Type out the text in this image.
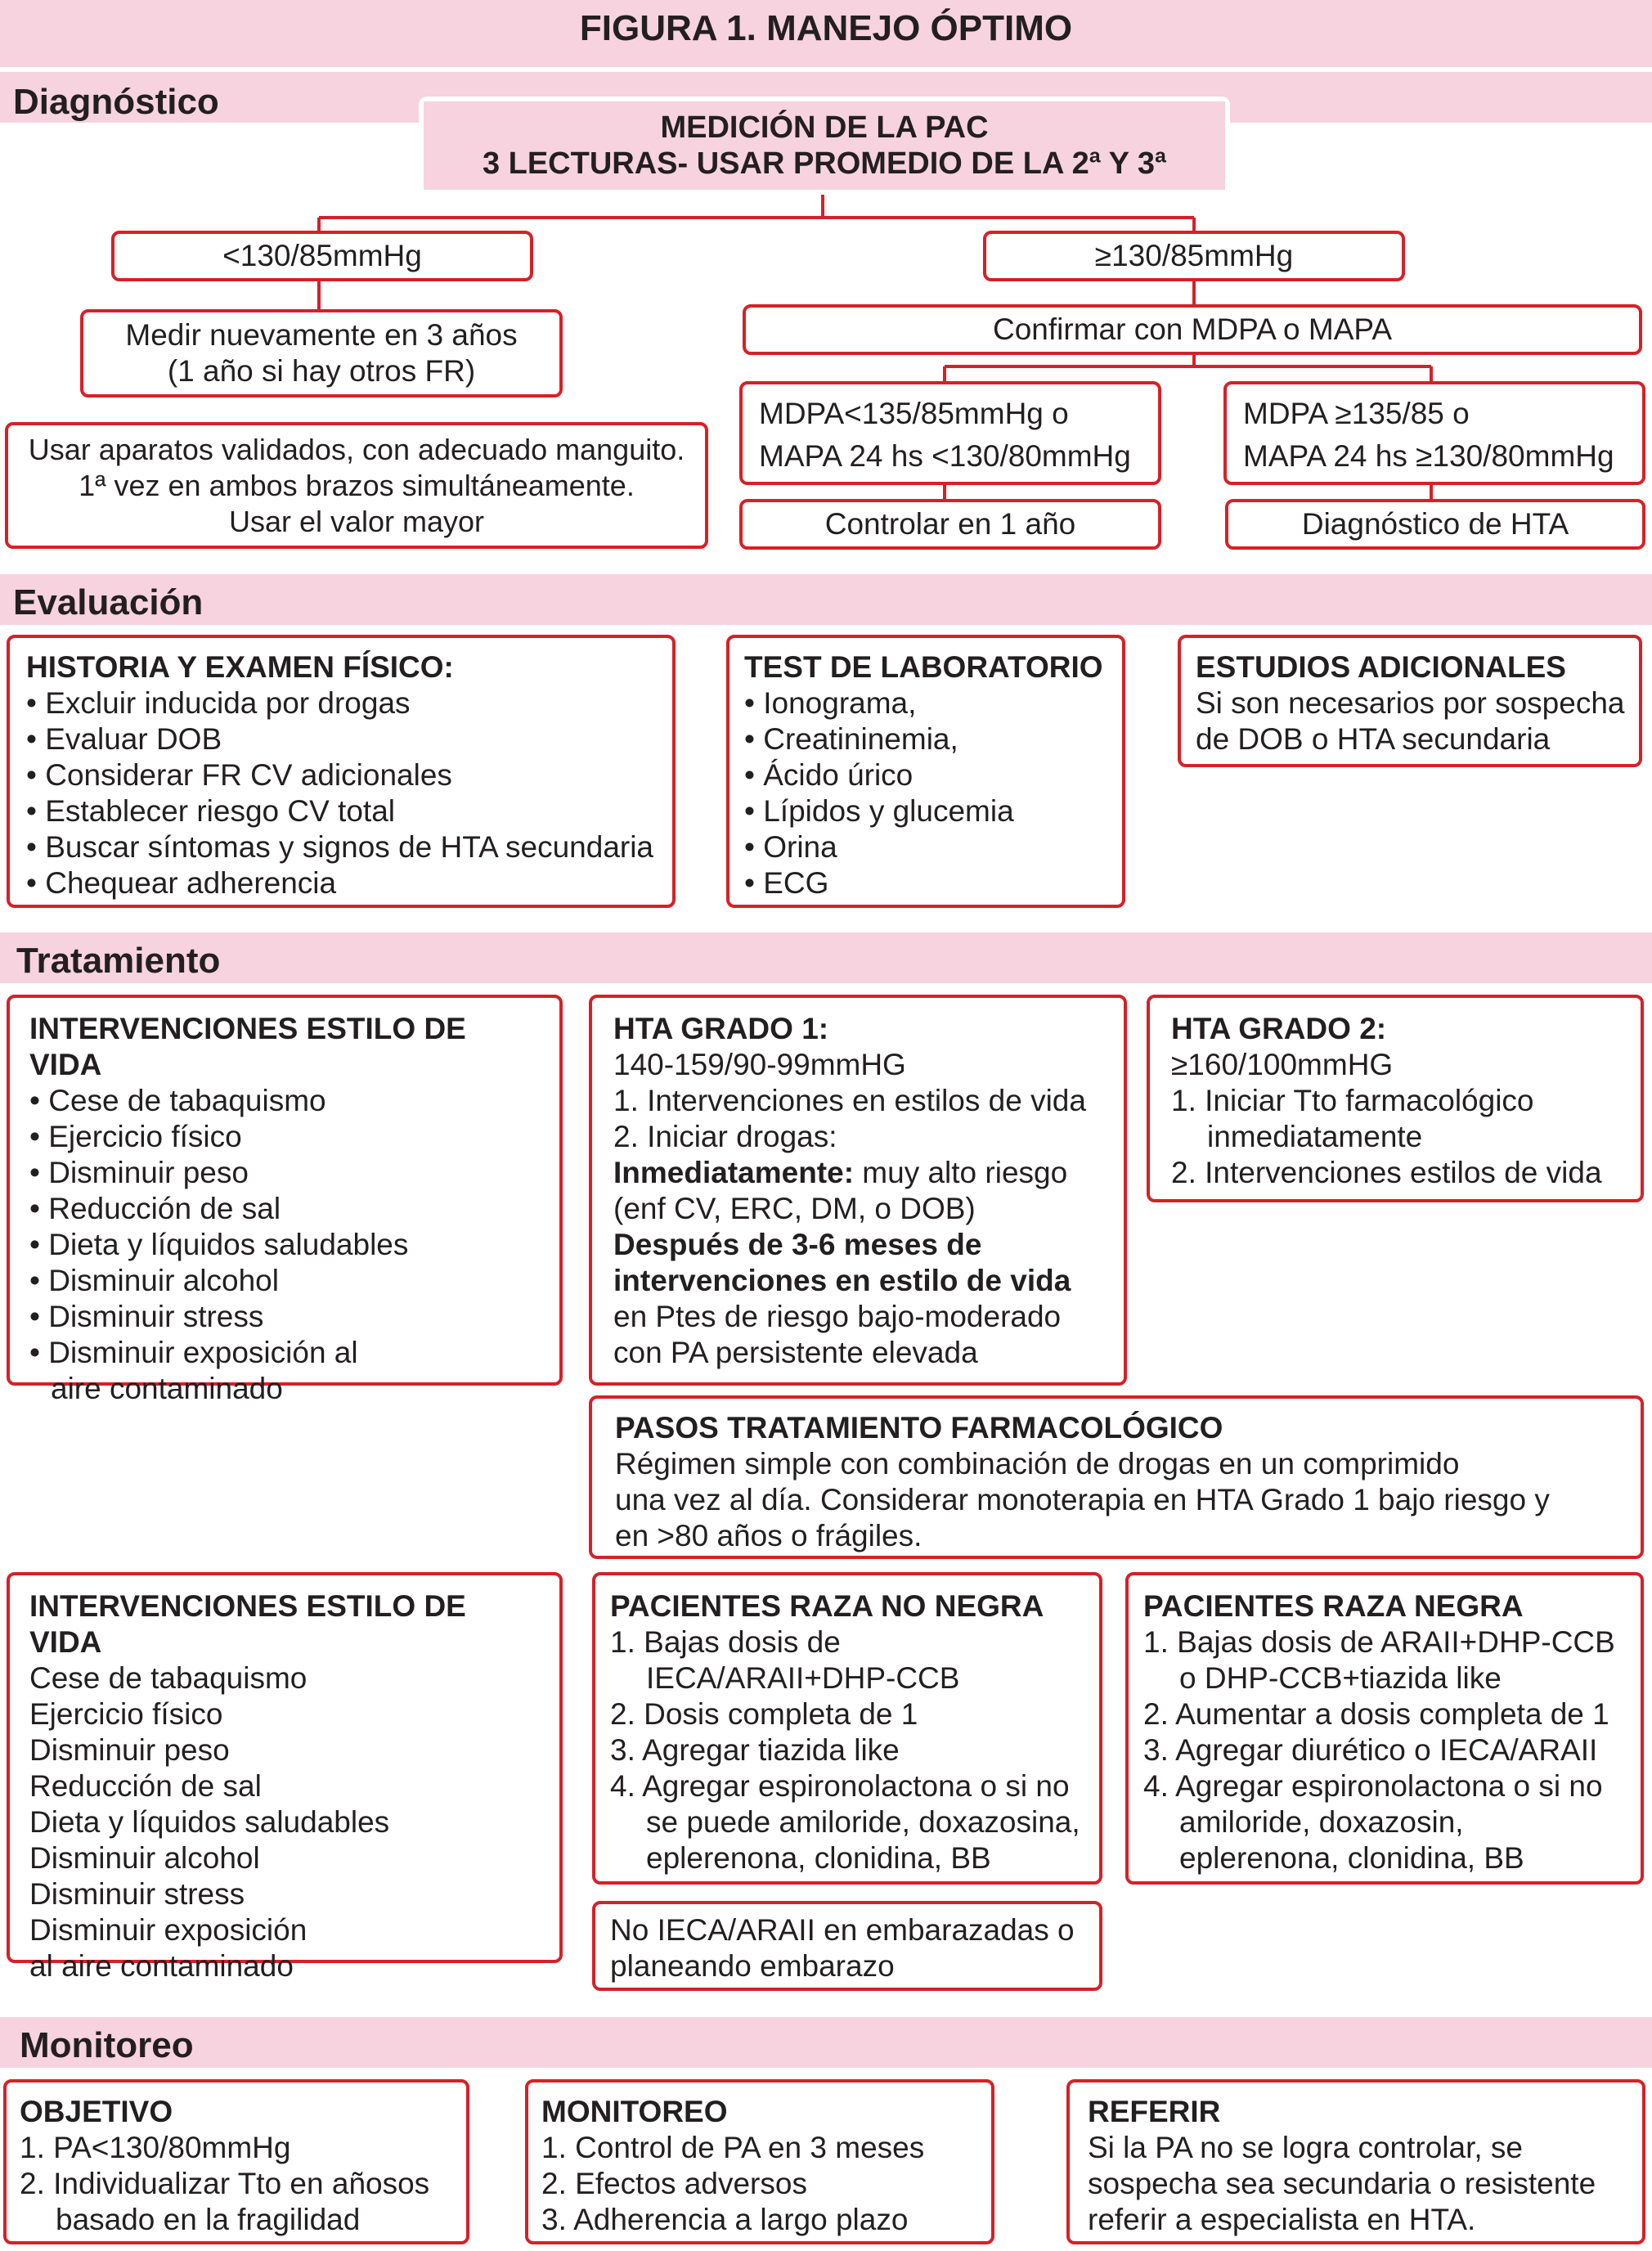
FIGURA 1. MANEJO ÓPTIMO
Diagnóstico
MEDICIÓN DE LA PAC
3 LECTURAS- USAR PROMEDIO DE LA 2ª Y 3ª
<130/85mmHg	≥130/85mmHg
Medir nuevamente en 3 años
(1 año si hay otros FR)
Confirmar con MDPA o MAPA
MDPA<135/85mmHg o
MAPA 24 hs <130/80mmHg
MDPA ≥135/85 o
MAPA 24 hs ≥130/80mmHg
Usar aparatos validados, con adecuado manguito.
1ª vez en ambos brazos simultáneamente.
Usar el valor mayor	Controlar en 1 año	Diagnóstico de HTA
Evaluación
HISTORIA Y EXAMEN FÍSICO:
• Excluir inducida por drogas
• Evaluar DOB
• Considerar FR CV adicionales
• Establecer riesgo CV total
• Buscar síntomas y signos de HTA secundaria
• Chequear adherencia
TEST DE LABORATORIO
• Ionograma,
• Creatininemia,
• Ácido úrico
• Lípidos y glucemia
• Orina
• ECG
ESTUDIOS ADICIONALES
Si son necesarios por sospecha
de DOB o HTA secundaria
Tratamiento
INTERVENCIONES ESTILO DE VIDA
• Cese de tabaquismo
• Ejercicio físico
• Disminuir peso
• Reducción de sal
• Dieta y líquidos saludables
• Disminuir alcohol
• Disminuir stress
• Disminuir exposición al
aire contaminado
HTA GRADO 1:
140-159/90-99mmHG
1. Intervenciones en estilos de vida
2. Iniciar drogas:
Inmediatamente: muy alto riesgo
(enf CV, ERC, DM, o DOB)
Después de 3-6 meses de
intervenciones en estilo de vida
en Ptes de riesgo bajo-moderado
con PA persistente elevada
HTA GRADO 2:
≥160/100mmHG
1. Iniciar Tto farmacológico
inmediatamente
2. Intervenciones estilos de vida
PASOS TRATAMIENTO FARMACOLÓGICO
Régimen simple con combinación de drogas en un comprimido
una vez al día. Considerar monoterapia en HTA Grado 1 bajo riesgo y
en >80 años o frágiles.
INTERVENCIONES ESTILO DE VIDA
Cese de tabaquismo
Ejercicio físico
Disminuir peso
Reducción de sal
Dieta y líquidos saludables
Disminuir alcohol
Disminuir stress
Disminuir exposición
al aire contaminado
PACIENTES RAZA NO NEGRA
1. Bajas dosis de
IECA/ARAII+DHP-CCB
2. Dosis completa de 1
3. Agregar tiazida like
4. Agregar espironolactona o si no
se puede amiloride, doxazosina,
eplerenona, clonidina, BB
PACIENTES RAZA NEGRA
1. Bajas dosis de ARAII+DHP-CCB
o DHP-CCB+tiazida like
2. Aumentar a dosis completa de 1
3. Agregar diurético o IECA/ARAII
4. Agregar espironolactona o si no
amiloride, doxazosin,
eplerenona, clonidina, BB
No IECA/ARAII en embarazadas o
planeando embarazo
Monitoreo
OBJETIVO
1. PA<130/80mmHg
2. Individualizar Tto en añosos
basado en la fragilidad
MONITOREO
1. Control de PA en 3 meses
2. Efectos adversos
3. Adherencia a largo plazo
REFERIR
Si la PA no se logra controlar, se
sospecha sea secundaria o resistente
referir a especialista en HTA.
